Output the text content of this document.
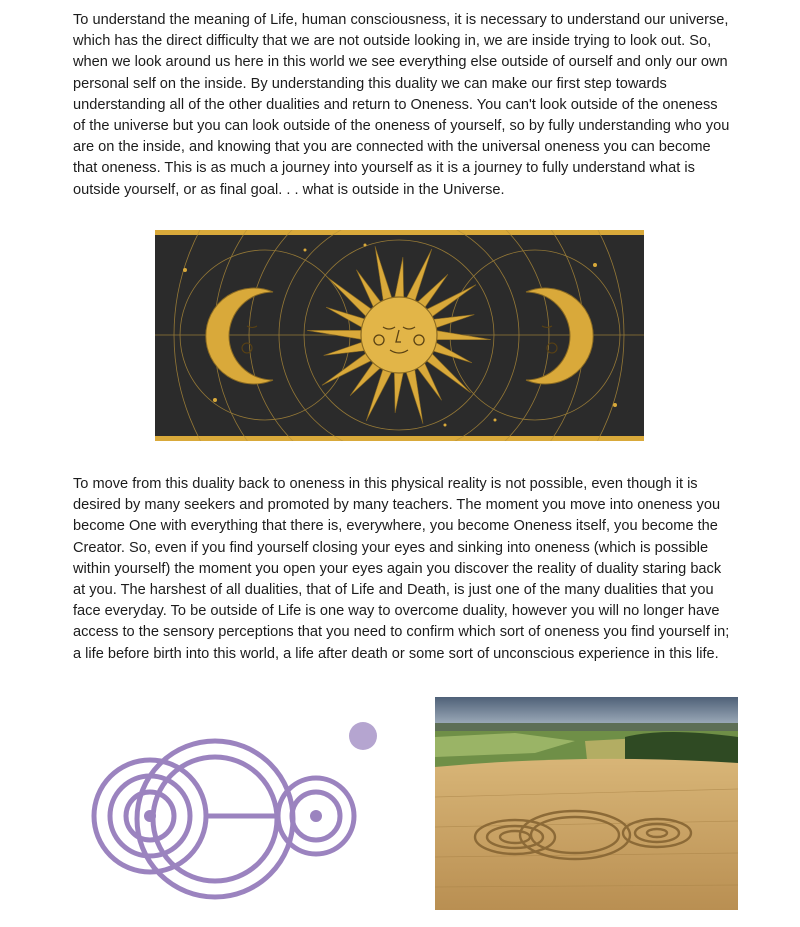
To understand the meaning of Life, human consciousness, it is necessary to understand our universe, which has the direct difficulty that we are not outside looking in, we are inside trying to look out. So, when we look around us here in this world we see everything else outside of ourself and only our own personal self on the inside. By understanding this duality we can make our first step towards understanding all of the other dualities and return to Oneness. You can't look outside of the oneness of the universe but you can look outside of the oneness of yourself, so by fully understanding who you are on the inside, and knowing that you are connected with the universal oneness you can become that oneness. This is as much a journey into yourself as it is a journey to fully understand what is outside yourself, or as final goal. . . what is outside in the Universe.

To move from this duality back to oneness in this physical reality is not possible, even though it is desired by many seekers and promoted by many teachers. The moment you move into oneness you become One with everything that there is, everywhere, you become Oneness itself, you become the Creator. So, even if you find yourself closing your eyes and sinking into oneness (which is possible within yourself) the moment you open your eyes again you discover the reality of duality staring back at you. The harshest of all dualities, that of Life and Death, is just one of the many dualities that you face everyday. To be outside of Life is one way to overcome duality, however you will no longer have access to the sensory perceptions that you need to confirm which sort of oneness you find yourself in; a life before birth into this world, a life after death or some sort of unconscious experience in this life.
